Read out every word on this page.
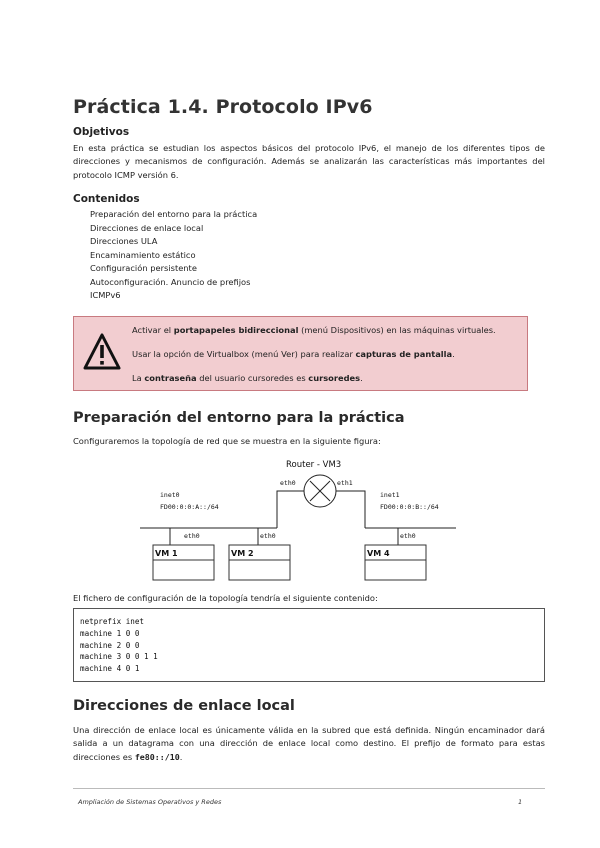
Práctica 1.4. Protocolo IPv6
Objetivos

En esta práctica se estudian los aspectos básicos del protocolo IPv6, el manejo de los diferentes tipos de direcciones y mecanismos de configuración. Además se analizarán las características más importantes del protocolo ICMP versión 6.

Contenidos
Preparación del entorno para la práctica
Direcciones de enlace local
Direcciones ULA
Encaminamiento estático
Configuración persistente
Autoconfiguración. Anuncio de prefijos
ICMPv6
Activar el portapapeles bidireccional (menú Dispositivos) en las máquinas virtuales.
Usar la opción de Virtualbox (menú Ver) para realizar capturas de pantalla.
La contraseña del usuario cursoredes es cursoredes.
Preparación del entorno para la práctica

Configuraremos la topología de red que se muestra en la siguiente figura:

Router - VM3
eth0	eth1
inet0
FD00:0:0:A::/64
inet1
FD00:0:0:B::/64
eth0
VM 1
eth0
VM 2
eth0
VM 4

El fichero de configuración de la topología tendría el siguiente contenido:

netprefix inet
machine 1 0 0
machine 2 0 0
machine 3 0 0 1 1
machine 4 0 1
Direcciones de enlace local

Una dirección de enlace local es únicamente válida en la subred que está definida. Ningún encaminador dará salida a un datagrama con una dirección de enlace local como destino. El prefijo de formato para estas direcciones es fe80::/10.

Ampliación de Sistemas Operativos y Redes	1
